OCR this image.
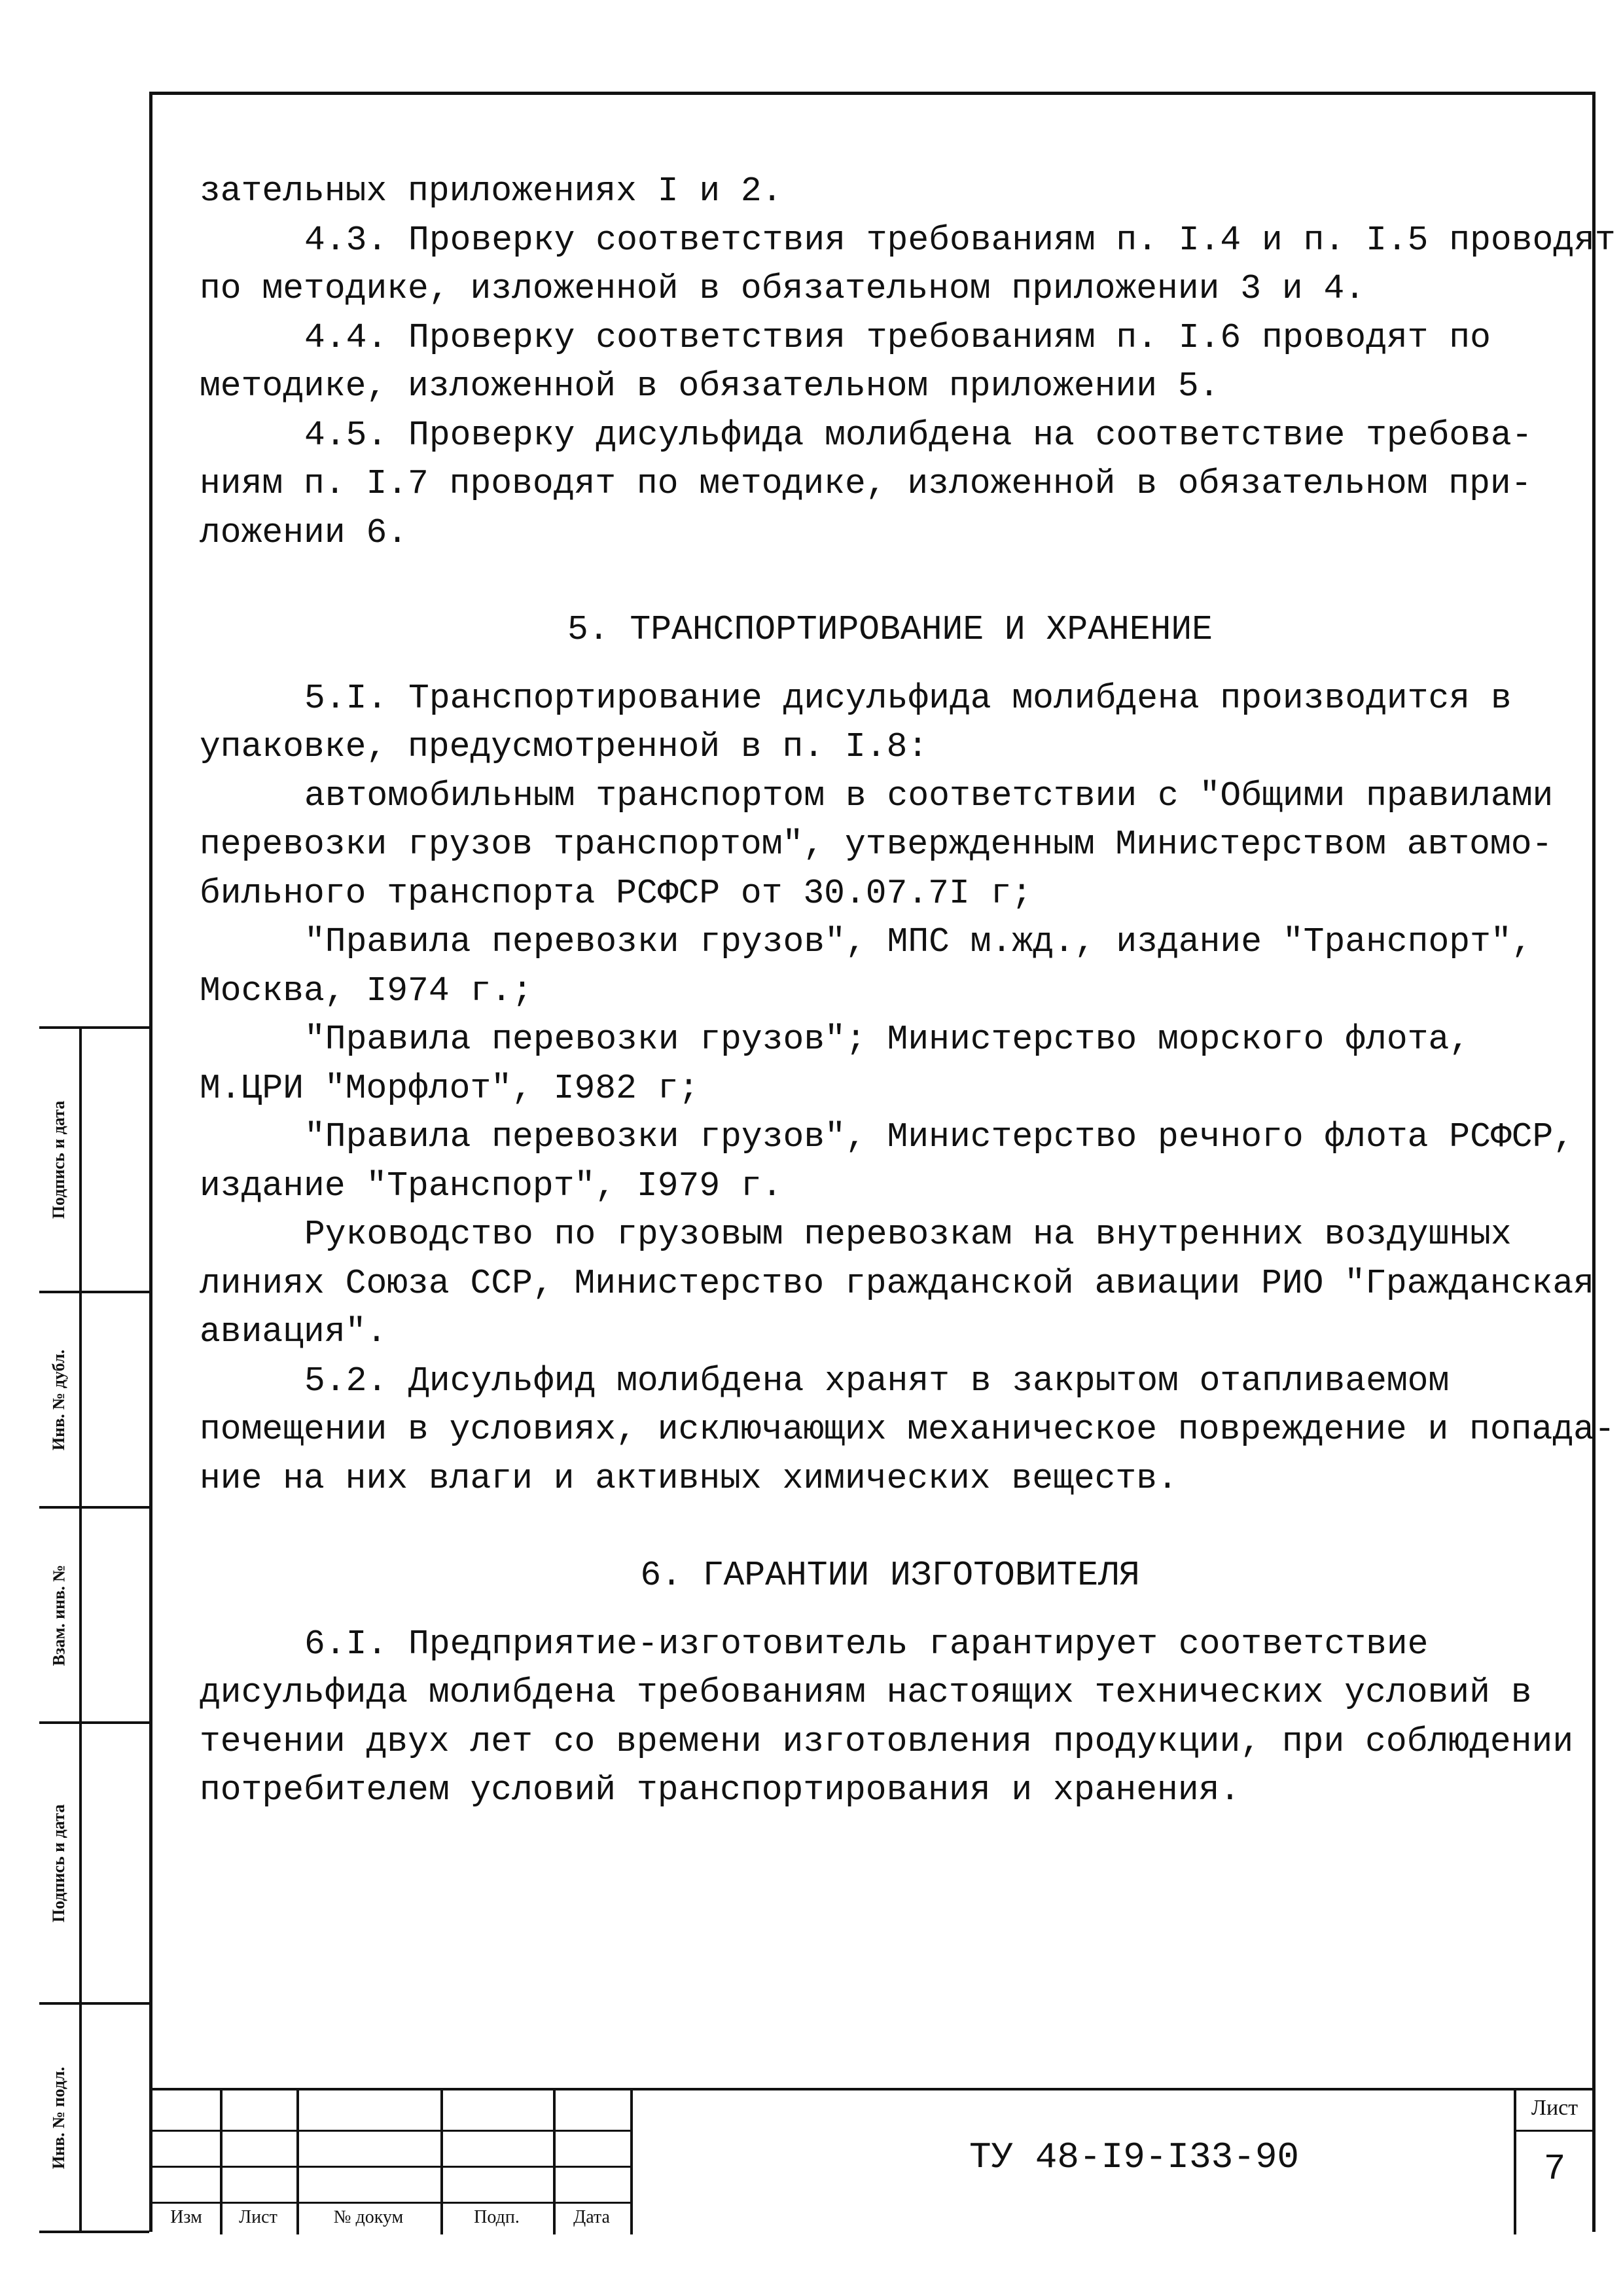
зательных приложениях I и 2.

4.3. Проверку соответствия требованиям п. I.4 и п. I.5 проводят

по методике, изложенной в обязательном приложении 3 и 4.

4.4. Проверку соответствия требованиям п. I.6 проводят по

методике, изложенной в обязательном приложении 5.

4.5. Проверку дисульфида молибдена на соответствие требова-

ниям п. I.7 проводят по методике, изложенной в обязательном при-

ложении 6.

5. ТРАНСПОРТИРОВАНИЕ И ХРАНЕНИЕ

5.I. Транспортирование дисульфида молибдена производится в

упаковке, предусмотренной в п. I.8:

автомобильным транспортом в соответствии с "Общими правилами

перевозки грузов транспортом", утвержденным Министерством автомо-

бильного транспорта РСФСР от 30.07.7I г;

"Правила перевозки грузов", МПС м.жд., издание "Транспорт",

Москва, I974 г.;

"Правила перевозки грузов"; Министерство морского флота,

М.ЦРИ "Морфлот", I982 г;

"Правила перевозки грузов", Министерство речного флота РСФСР,

издание "Транспорт", I979 г.

Руководство по грузовым перевозкам на внутренних воздушных

линиях Союза ССР, Министерство гражданской авиации РИО "Гражданская

авиация".

5.2. Дисульфид молибдена хранят в закрытом отапливаемом

помещении в условиях, исключающих механическое повреждение и попада-

ние на них влаги и активных химических веществ.

6. ГАРАНТИИ ИЗГОТОВИТЕЛЯ

6.I. Предприятие-изготовитель гарантирует соответствие

дисульфида молибдена требованиям настоящих технических условий в

течении двух лет со времени изготовления продукции, при соблюдении

потребителем условий транспортирования и хранения.

Подпись и дата
Инв. № дубл.
Взам. инв. №
Подпись и дата
Инв. № подл.
Изм	Лист	№ докум	Подп.	Дата
ТУ 48-I9-I33-90
Лист
7
